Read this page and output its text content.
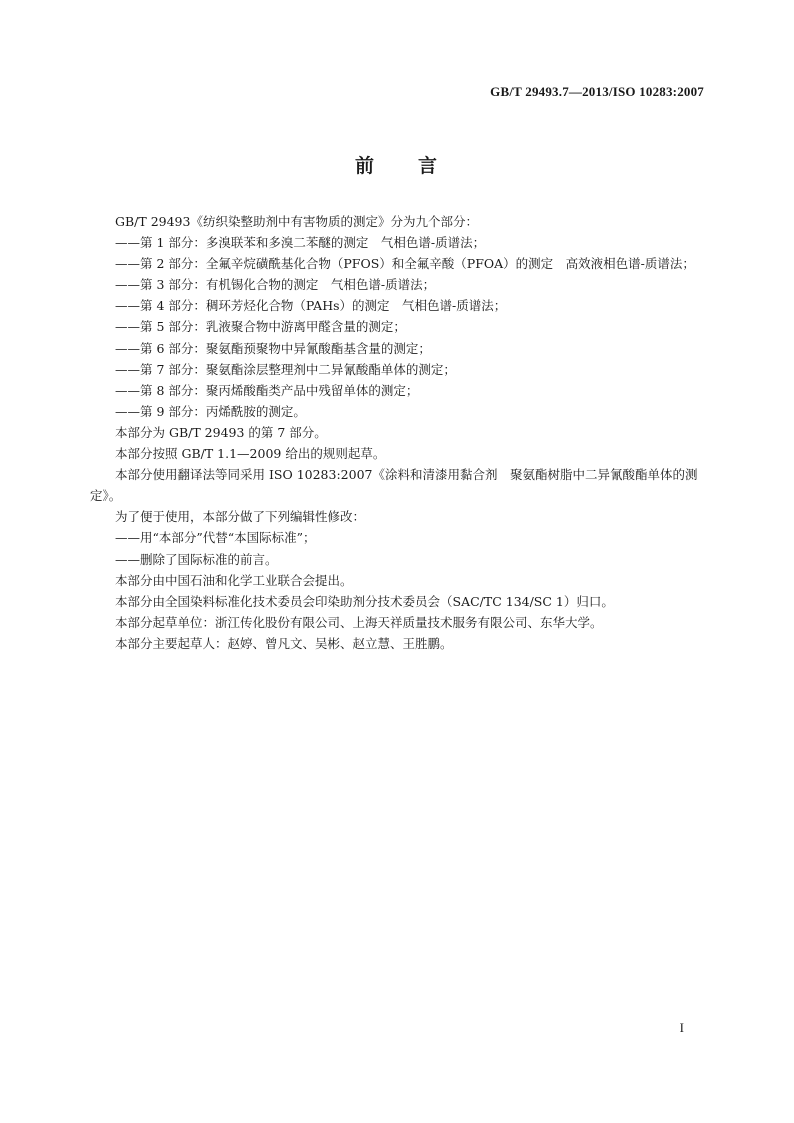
GB/T 29493.7—2013/ISO 10283:2007
前　　言

GB/T 29493《纺织染整助剂中有害物质的测定》分为九个部分：

——第 1 部分：多溴联苯和多溴二苯醚的测定　气相色谱-质谱法；

——第 2 部分：全氟辛烷磺酰基化合物（PFOS）和全氟辛酸（PFOA）的测定　高效液相色谱-质谱法；

——第 3 部分：有机锡化合物的测定　气相色谱-质谱法；

——第 4 部分：稠环芳烃化合物（PAHs）的测定　气相色谱-质谱法；

——第 5 部分：乳液聚合物中游离甲醛含量的测定；

——第 6 部分：聚氨酯预聚物中异氰酸酯基含量的测定；

——第 7 部分：聚氨酯涂层整理剂中二异氰酸酯单体的测定；

——第 8 部分：聚丙烯酸酯类产品中残留单体的测定；

——第 9 部分：丙烯酰胺的测定。

本部分为 GB/T 29493 的第 7 部分。

本部分按照 GB/T 1.1—2009 给出的规则起草。

本部分使用翻译法等同采用 ISO 10283:2007《涂料和清漆用黏合剂　聚氨酯树脂中二异氰酸酯单体的测定》。

为了便于使用，本部分做了下列编辑性修改：

——用“本部分”代替“本国际标准”；

——删除了国际标准的前言。

本部分由中国石油和化学工业联合会提出。

本部分由全国染料标准化技术委员会印染助剂分技术委员会（SAC/TC 134/SC 1）归口。

本部分起草单位：浙江传化股份有限公司、上海天祥质量技术服务有限公司、东华大学。

本部分主要起草人：赵婷、曾凡文、吴彬、赵立慧、王胜鹏。

I
